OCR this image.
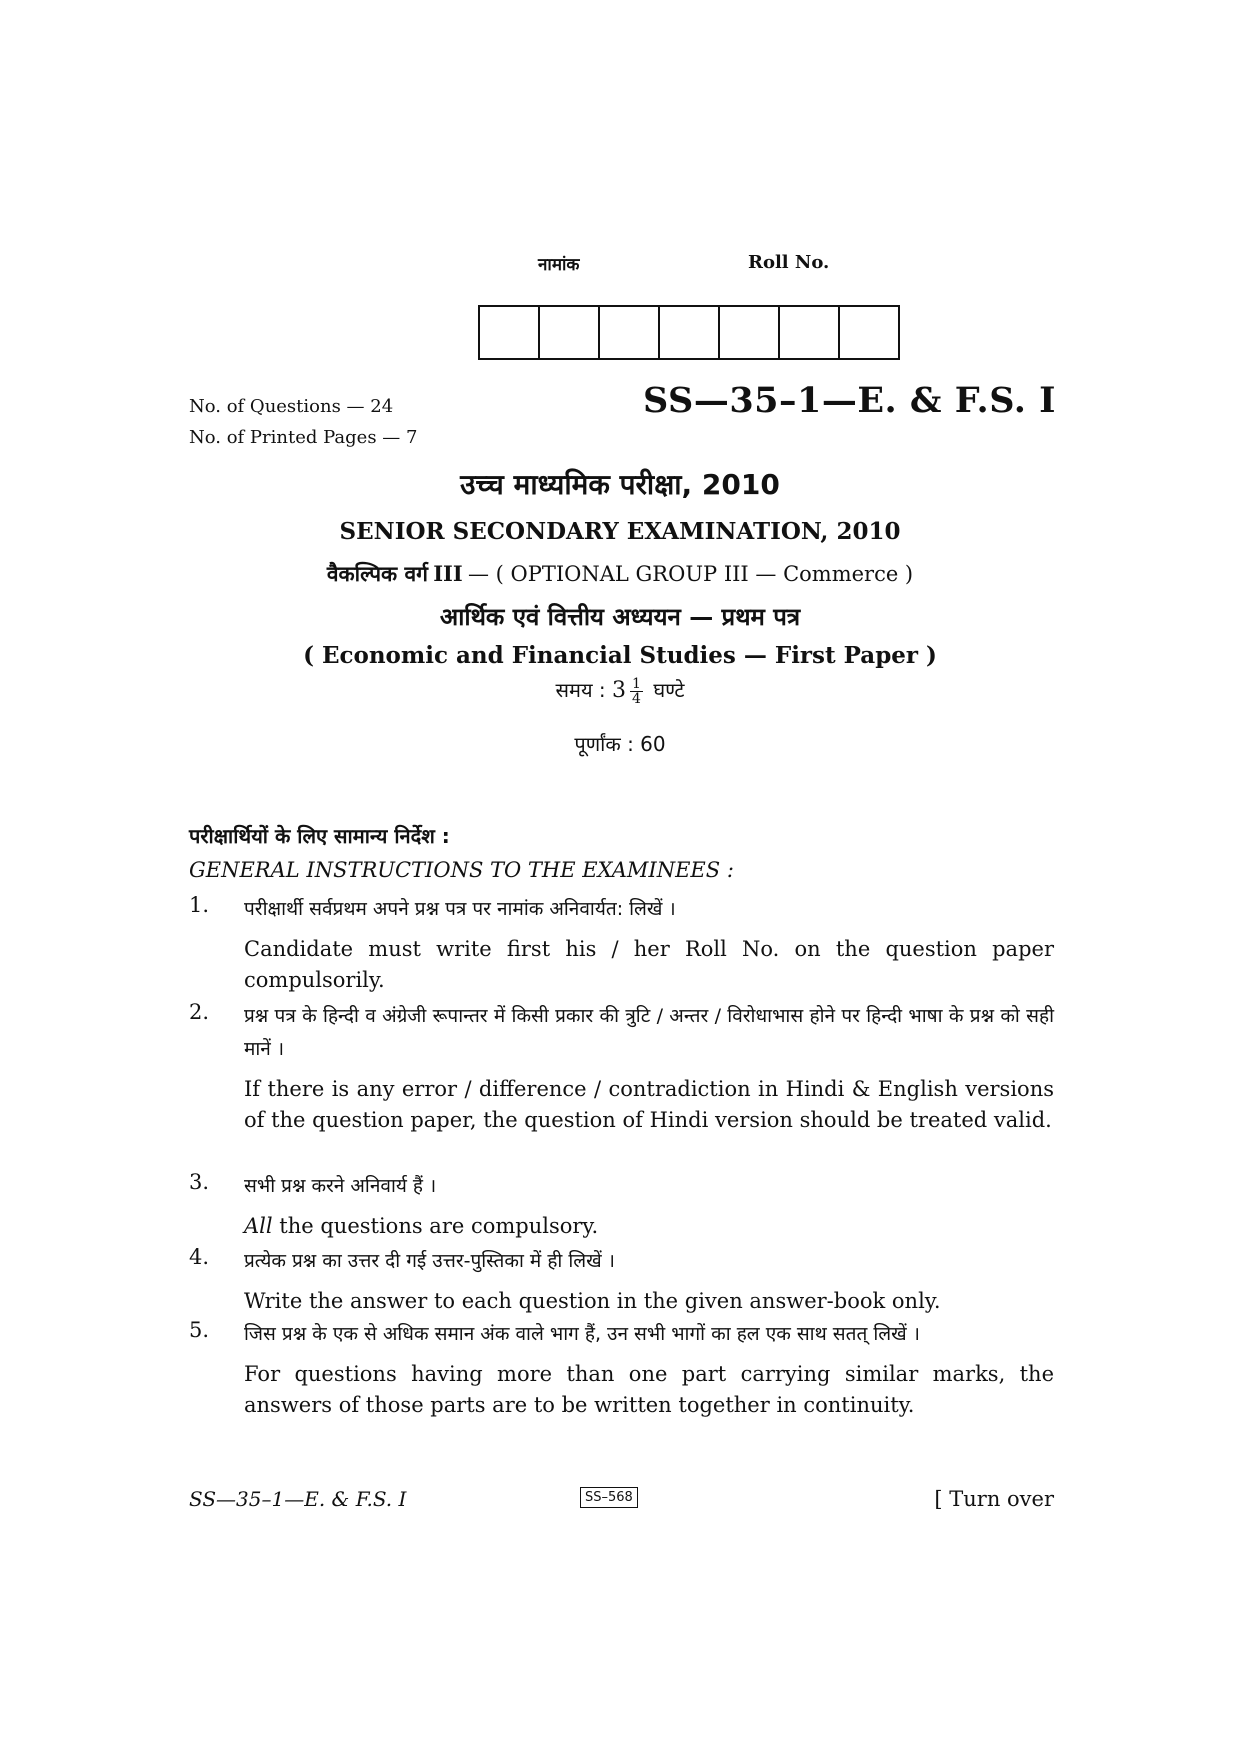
नामांक	Roll No.
No. of Questions — 24
No. of Printed Pages — 7
SS—35–1—E. & F.S. I
उच्च माध्यमिक परीक्षा, 2010
SENIOR SECONDARY EXAMINATION, 2010
वैकल्पिक वर्ग III — ( OPTIONAL GROUP III — Commerce )
आर्थिक एवं वित्तीय अध्ययन — प्रथम पत्र
( Economic and Financial Studies — First Paper )
समय : $3 \frac{1}{4}$ घण्टे
पूर्णांक : 60
परीक्षार्थियों के लिए सामान्य निर्देश :
GENERAL INSTRUCTIONS TO THE EXAMINEES :
1. परीक्षार्थी सर्वप्रथम अपने प्रश्न पत्र पर नामांक अनिवार्यत: लिखें ।
Candidate must write first his / her Roll No. on the question paper compulsorily.
2. प्रश्न पत्र के हिन्दी व अंग्रेजी रूपान्तर में किसी प्रकार की त्रुटि / अन्तर / विरोधाभास होने पर हिन्दी भाषा के प्रश्न को सही मानें ।
If there is any error / difference / contradiction in Hindi & English versions of the question paper, the question of Hindi version should be treated valid.
3. सभी प्रश्न करने अनिवार्य हैं ।
All the questions are compulsory.
4. प्रत्येक प्रश्न का उत्तर दी गई उत्तर-पुस्तिका में ही लिखें ।
Write the answer to each question in the given answer-book only.
5. जिस प्रश्न के एक से अधिक समान अंक वाले भाग हैं, उन सभी भागों का हल एक साथ सतत् लिखें ।
For questions having more than one part carrying similar marks, the answers of those parts are to be written together in continuity.
SS—35–1—E. & F.S. I	SS–568	[ Turn over
